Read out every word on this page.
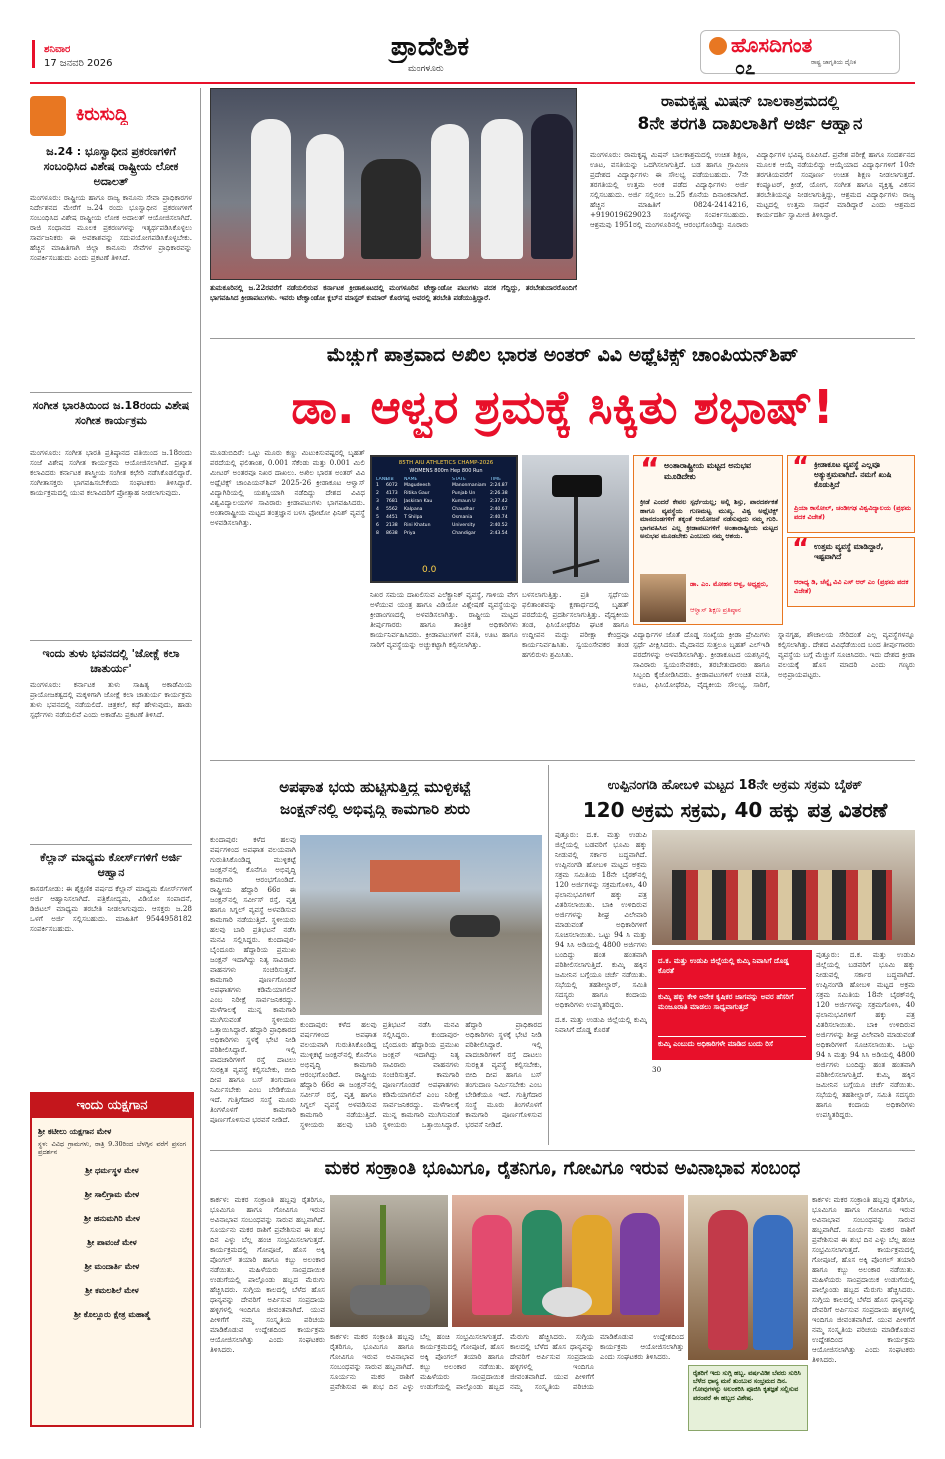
ಶನಿವಾರ
17 ಜನವರಿ 2026
ಪ್ರಾದೇಶಿಕ
ಮಂಗಳೂರು
ಹೊಸದಿಗಂತ
ರಾಷ್ಟ್ರ ಜಾಗೃತಿಯ ದೈನಿಕ
೦೭
ಕಿರುಸುದ್ದಿ
ಜ.24 : ಭೂಸ್ವಾಧೀನ ಪ್ರಕರಣಗಳಿಗೆ ಸಂಬಂಧಿಸಿದ ವಿಶೇಷ ರಾಷ್ಟ್ರೀಯ ಲೋಕ ಅದಾಲತ್
ಮಂಗಳೂರು: ರಾಷ್ಟ್ರೀಯ ಹಾಗೂ ರಾಜ್ಯ ಕಾನೂನು ಸೇವಾ ಪ್ರಾಧಿಕಾರಗಳ ನಿರ್ದೇಶನದ ಮೇರೆಗೆ ಜ.24 ರಂದು ಭೂಸ್ವಾಧೀನ ಪ್ರಕರಣಗಳಿಗೆ ಸಂಬಂಧಿಸಿದ ವಿಶೇಷ ರಾಷ್ಟ್ರೀಯ ಲೋಕ ಅದಾಲತ್ ಆಯೋಜಿಸಲಾಗಿದೆ. ರಾಜಿ ಸಂಧಾನದ ಮೂಲಕ ಪ್ರಕರಣಗಳನ್ನು ಇತ್ಯರ್ಥಪಡಿಸಿಕೊಳ್ಳಲು ಸಾರ್ವಜನಿಕರು ಈ ಅವಕಾಶವನ್ನು ಸದುಪಯೋಗಪಡಿಸಿಕೊಳ್ಳಬೇಕು. ಹೆಚ್ಚಿನ ಮಾಹಿತಿಗಾಗಿ ಜಿಲ್ಲಾ ಕಾನೂನು ಸೇವೆಗಳ ಪ್ರಾಧಿಕಾರವನ್ನು ಸಂಪರ್ಕಿಸಬಹುದು ಎಂದು ಪ್ರಕಟಣೆ ತಿಳಿಸಿದೆ.
ಸಂಗೀತ ಭಾರತಿಯಿಂದ ಜ.18ರಂದು ವಿಶೇಷ ಸಂಗೀತ ಕಾರ್ಯಕ್ರಮ
ಮಂಗಳೂರು: ಸಂಗೀತ ಭಾರತಿ ಪ್ರತಿಷ್ಠಾನದ ವತಿಯಿಂದ ಜ.18ರಂದು ಸಂಜೆ ವಿಶೇಷ ಸಂಗೀತ ಕಾರ್ಯಕ್ರಮ ಆಯೋಜಿಸಲಾಗಿದೆ. ಪ್ರಖ್ಯಾತ ಕಲಾವಿದರು ಕರ್ನಾಟಕ ಶಾಸ್ತ್ರೀಯ ಸಂಗೀತ ಕಛೇರಿ ನಡೆಸಿಕೊಡಲಿದ್ದಾರೆ. ಸಂಗೀತಾಸಕ್ತರು ಭಾಗವಹಿಸಬೇಕೆಂದು ಸಂಘಟಕರು ತಿಳಿಸಿದ್ದಾರೆ. ಕಾರ್ಯಕ್ರಮದಲ್ಲಿ ಯುವ ಕಲಾವಿದರಿಗೆ ಪ್ರೋತ್ಸಾಹ ನೀಡಲಾಗುವುದು.
ಇಂದು ತುಳು ಭವನದಲ್ಲಿ 'ಜೋಕ್ಲೆ ಕಲಾ ಚಾತುರ್ಯ'
ಮಂಗಳೂರು: ಕರ್ನಾಟಕ ತುಳು ಸಾಹಿತ್ಯ ಅಕಾಡೆಮಿಯ ಪ್ರಾಯೋಜಕತ್ವದಲ್ಲಿ ಮಕ್ಕಳಿಗಾಗಿ ಜೋಕ್ಲೆ ಕಲಾ ಚಾತುರ್ಯ ಕಾರ್ಯಕ್ರಮ ತುಳು ಭವನದಲ್ಲಿ ನಡೆಯಲಿದೆ. ಚಿತ್ರಕಲೆ, ಕಥೆ ಹೇಳುವುದು, ಹಾಡು ಸ್ಪರ್ಧೆಗಳು ನಡೆಯಲಿವೆ ಎಂದು ಅಕಾಡೆಮಿ ಪ್ರಕಟಣೆ ತಿಳಿಸಿದೆ.
ಕೆಲ್ಲಾನ್ ಮಾಧ್ಯಮ ಕೋರ್ಸ್‌ಗಳಿಗೆ ಅರ್ಜಿ ಆಹ್ವಾನ
ಕಾಸರಗೋಡು: ಈ ಶೈಕ್ಷಣಿಕ ವರ್ಷದ ಕೆಲ್ಲಾನ್ ಮಾಧ್ಯಮ ಕೋರ್ಸ್‌ಗಳಿಗೆ ಅರ್ಜಿ ಆಹ್ವಾನಿಸಲಾಗಿದೆ. ಪತ್ರಿಕೋದ್ಯಮ, ವಿಡಿಯೋ ಸಂಪಾದನೆ, ಡಿಜಿಟಲ್ ಮಾಧ್ಯಮ ತರಬೇತಿ ನೀಡಲಾಗುವುದು. ಆಸಕ್ತರು ಜ.28 ಒಳಗೆ ಅರ್ಜಿ ಸಲ್ಲಿಸಬಹುದು. ಮಾಹಿತಿಗೆ 9544958182 ಸಂಪರ್ಕಿಸಬಹುದು.
ಇಂದು ಯಕ್ಷಗಾನ
ಶ್ರೀ ಕಟೀಲು ಯಕ್ಷಗಾನ ಮೇಳ
ಸ್ಥಳ: ವಿವಿಧ ಗ್ರಾಮಗಳು, ರಾತ್ರಿ 9.30ರಿಂದ ಬೆಳಗ್ಗಿನ ವರೆಗೆ ಪ್ರಸಂಗ ಪ್ರದರ್ಶನ
ಶ್ರೀ ಧರ್ಮಸ್ಥಳ ಮೇಳ
ಶ್ರೀ ಸಾಲಿಗ್ರಾಮ ಮೇಳ
ಶ್ರೀ ಹನುಮಗಿರಿ ಮೇಳ
ಶ್ರೀ ಪಾವಂಜೆ ಮೇಳ
ಶ್ರೀ ಮಂದಾರ್ತಿ ಮೇಳ
ಶ್ರೀ ಕಮಲಶಿಲೆ ಮೇಳ
ಶ್ರೀ ಕೊಲ್ಲೂರು ಕ್ಷೇತ್ರ ಮಹಾತ್ಮೆ
ತುಮಕೂರಿನಲ್ಲಿ ಜ.22ರವರೆಗೆ ನಡೆಯಲಿರುವ ಕರ್ನಾಟಕ ಕ್ರೀಡಾಕೂಟದಲ್ಲಿ ಮಂಗಳೂರಿನ ಟೇಕ್ವಾಂಡೋ ಪಟುಗಳು ಪದಕ ಗೆದ್ದಿದ್ದು, ತರಬೇತುದಾರರೊಂದಿಗೆ ಭಾಗವಹಿಸಿದ ಕ್ರೀಡಾಪಟುಗಳು. ಇವರು ಟೇಕ್ವಾಂಡೋ ಕ್ಲಬ್‌ನ ಮಾಸ್ಟರ್ ಕುಮಾರ್ ಕೊರಗಪ್ಪ ಅವರಲ್ಲಿ ತರಬೇತಿ ಪಡೆಯುತ್ತಿದ್ದಾರೆ.
ರಾಮಕೃಷ್ಣ ಮಿಷನ್ ಬಾಲಕಾಶ್ರಮದಲ್ಲಿ
8ನೇ ತರಗತಿ ದಾಖಲಾತಿಗೆ ಅರ್ಜಿ ಆಹ್ವಾನ
ಮಂಗಳೂರು: ರಾಮಕೃಷ್ಣ ಮಿಷನ್ ಬಾಲಕಾಶ್ರಮದಲ್ಲಿ ಉಚಿತ ಶಿಕ್ಷಣ, ಊಟ, ವಸತಿಯನ್ನು ಒದಗಿಸಲಾಗುತ್ತಿದೆ. ಬಡ ಹಾಗೂ ಗ್ರಾಮೀಣ ಪ್ರದೇಶದ ವಿದ್ಯಾರ್ಥಿಗಳು ಈ ಸೌಲಭ್ಯ ಪಡೆಯಬಹುದು. 7ನೇ ತರಗತಿಯಲ್ಲಿ ಉತ್ತಮ ಅಂಕ ಪಡೆದ ವಿದ್ಯಾರ್ಥಿಗಳು ಅರ್ಜಿ ಸಲ್ಲಿಸಬಹುದು. ಅರ್ಜಿ ಸಲ್ಲಿಸಲು ಜ.25 ಕೊನೆಯ ದಿನಾಂಕವಾಗಿದೆ. ಹೆಚ್ಚಿನ ಮಾಹಿತಿಗೆ 0824-2414216, +919019629023 ಸಂಖ್ಯೆಗಳನ್ನು ಸಂಪರ್ಕಿಸಬಹುದು. ಆಶ್ರಮವು 1951ರಲ್ಲಿ ಮಂಗಳೂರಿನಲ್ಲಿ ಆರಂಭಗೊಂಡಿದ್ದು ನೂರಾರು ವಿದ್ಯಾರ್ಥಿಗಳ ಭವಿಷ್ಯ ರೂಪಿಸಿದೆ. ಪ್ರವೇಶ ಪರೀಕ್ಷೆ ಹಾಗೂ ಸಂದರ್ಶನದ ಮೂಲಕ ಆಯ್ಕೆ ನಡೆಯಲಿದ್ದು ಆಯ್ಕೆಯಾದ ವಿದ್ಯಾರ್ಥಿಗಳಿಗೆ 10ನೇ ತರಗತಿಯವರೆಗೆ ಸಂಪೂರ್ಣ ಉಚಿತ ಶಿಕ್ಷಣ ನೀಡಲಾಗುತ್ತದೆ. ಕಂಪ್ಯೂಟರ್, ಕ್ರೀಡೆ, ಯೋಗ, ಸಂಗೀತ ಹಾಗೂ ವ್ಯಕ್ತಿತ್ವ ವಿಕಸನ ತರಬೇತಿಯನ್ನೂ ನೀಡಲಾಗುತ್ತಿದ್ದು, ಆಶ್ರಮದ ವಿದ್ಯಾರ್ಥಿಗಳು ರಾಜ್ಯ ಮಟ್ಟದಲ್ಲಿ ಉತ್ತಮ ಸಾಧನೆ ಮಾಡಿದ್ದಾರೆ ಎಂದು ಆಶ್ರಮದ ಕಾರ್ಯದರ್ಶಿ ಸ್ವಾಮೀಜಿ ತಿಳಿಸಿದ್ದಾರೆ.
ಮೆಚ್ಚುಗೆ ಪಾತ್ರವಾದ ಅಖಿಲ ಭಾರತ ಅಂತರ್ ವಿವಿ ಅಥ್ಲೆಟಿಕ್ಸ್ ಚಾಂಪಿಯನ್‌ಶಿಪ್
ಡಾ. ಆಳ್ವರ ಶ್ರಮಕ್ಕೆ ಸಿಕ್ಕಿತು ಶಭಾಷ್!
ಮೂಡುಬಿದಿರೆ: ಒಟ್ಟು ಮೂರು ಕಣ್ಣು ಮಿಟುಕಿಸುವಷ್ಟರಲ್ಲಿ ಬೃಹತ್ ಪರದೆಯಲ್ಲಿ ಫಲಿತಾಂಶ, 0.001 ಸೆಕೆಂಡು ಮತ್ತು 0.001 ಮಿಲಿ ಮೀಟರ್ ಅಂತರವೂ ನಿಖರ ದಾಖಲು. ಅಖಿಲ ಭಾರತ ಅಂತರ್ ವಿವಿ ಅಥ್ಲೆಟಿಕ್ಸ್ ಚಾಂಪಿಯನ್‌ಶಿಪ್ 2025-26 ಕ್ರೀಡಾಕೂಟ ಆಳ್ವಾಸ್ ವಿದ್ಯಾಗಿರಿಯಲ್ಲಿ ಯಶಸ್ವಿಯಾಗಿ ನಡೆದಿದ್ದು ದೇಶದ ವಿವಿಧ ವಿಶ್ವವಿದ್ಯಾಲಯಗಳ ಸಾವಿರಾರು ಕ್ರೀಡಾಪಟುಗಳು ಭಾಗವಹಿಸಿದರು. ಅಂತಾರಾಷ್ಟ್ರೀಯ ಮಟ್ಟದ ತಂತ್ರಜ್ಞಾನ ಬಳಸಿ ಫೋಟೋ ಫಿನಿಶ್ ವ್ಯವಸ್ಥೆ ಅಳವಡಿಸಲಾಗಿತ್ತು.
85TH AIU ATHLETICS CHAMP-2026
WOMENS 800m Hep 800 Run
LANE
BIB	NAME	STATE	TIME
1	6072	Magudeesh	Manonmaniam 2:24.87
2	4173	Ritika Gaur	Punjab Un	2:26.38
3	7681	Jaskiran Kau	Kumaun U	2:37.42
4	5562	Kalpana	Chaudhar	2:40.67
5	4451	T Shilpa	Osmania	2:40.74
6	2138	Rini Khatun	University	2:40.52
8	8638	Priya	Chandigar	2:43.54
0.0
ನಿಖರ ಸಮಯ ದಾಖಲಿಸುವ ಎಲೆಕ್ಟ್ರಾನಿಕ್ ವ್ಯವಸ್ಥೆ, ಗಾಳಿಯ ವೇಗ ಅಳೆಯುವ ಯಂತ್ರ ಹಾಗೂ ವಿಡಿಯೋ ವಿಶ್ಲೇಷಣೆ ವ್ಯವಸ್ಥೆಯನ್ನು ಕ್ರೀಡಾಂಗಣದಲ್ಲಿ ಅಳವಡಿಸಲಾಗಿತ್ತು. ರಾಷ್ಟ್ರೀಯ ಮಟ್ಟದ ತೀರ್ಪುಗಾರರು ಹಾಗೂ ತಾಂತ್ರಿಕ ಅಧಿಕಾರಿಗಳು ಕಾರ್ಯನಿರ್ವಹಿಸಿದರು. ಕ್ರೀಡಾಪಟುಗಳಿಗೆ ವಸತಿ, ಊಟ ಹಾಗೂ ಸಾರಿಗೆ ವ್ಯವಸ್ಥೆಯನ್ನು ಅಚ್ಚುಕಟ್ಟಾಗಿ ಕಲ್ಪಿಸಲಾಗಿತ್ತು.
ಬಳಸಲಾಗುತ್ತಿತ್ತು. ಪ್ರತಿ ಸ್ಪರ್ಧೆಯ ಫಲಿತಾಂಶವನ್ನು ಕ್ಷಣಾರ್ಧದಲ್ಲಿ ಬೃಹತ್ ಪರದೆಯಲ್ಲಿ ಪ್ರದರ್ಶಿಸಲಾಗುತ್ತಿತ್ತು. ವೈದ್ಯಕೀಯ ತಂಡ, ಫಿಸಿಯೋಥೆರಪಿ ಘಟಕ ಹಾಗೂ ಉದ್ದೀಪನ ಮದ್ದು ಪರೀಕ್ಷಾ ಕೇಂದ್ರವೂ ಕಾರ್ಯನಿರ್ವಹಿಸಿತು. ಸ್ವಯಂಸೇವಕರ ತಂಡ ಹಗಲಿರುಳು ಶ್ರಮಿಸಿತು.
“ ಅಂತಾರಾಷ್ಟ್ರೀಯ ಮಟ್ಟದ ಅನುಭವ ಮೂಡಿದೇಕು
ಕ್ರೀಡೆ ಎಂದರೆ ಕೇವಲ ಸ್ಪರ್ಧೆಯಲ್ಲ; ಅಲ್ಲಿ ಶಿಸ್ತು, ಪಾರದರ್ಶಕತೆ ಹಾಗೂ ವ್ಯವಸ್ಥೆಯ ಗುಣಮಟ್ಟ ಮುಖ್ಯ. ವಿಶ್ವ ಅಥ್ಲೆಟಿಕ್ಸ್ ಮಾನದಂಡಗಳಿಗೆ ತಕ್ಕಂತೆ ಆಯೋಜನೆ ನಡೆಸುವುದು ನಮ್ಮ ಗುರಿ. ಭಾಗವಹಿಸಿದ ಎಲ್ಲ ಕ್ರೀಡಾಪಟುಗಳಿಗೆ ಅಂತಾರಾಷ್ಟ್ರೀಯ ಮಟ್ಟದ ಅನುಭವ ಮೂಡಬೇಕು ಎಂಬುದು ನಮ್ಮ ಆಶಯ.
ಡಾ. ಎಂ. ಮೋಹನ ಆಳ್ವ, ಅಧ್ಯಕ್ಷರು,
ಆಳ್ವಾಸ್ ಶಿಕ್ಷಣ ಪ್ರತಿಷ್ಠಾನ
“ ಕ್ರೀಡಾಕೂಟ ವ್ಯವಸ್ಥೆ ಎಲ್ಲವೂ ಅತ್ಯುತ್ತಮವಾಗಿದೆ. ನಮಗೆ ಖುಷಿ ಕೊಡುತ್ತಿದೆ
ಪ್ರಿಯಾ ಕಾಸೋಲ್, ಚಂಡೀಗಢ ವಿಶ್ವವಿದ್ಯಾಲಯ (ಪ್ರಥಮ ಪದಕ ವಿಜೇತೆ)
“ ಉತ್ತಮ ವ್ಯವಸ್ಥೆ ಮಾಡಿದ್ದಾರೆ, ಇಷ್ಟವಾಗಿದೆ
ಆರಾಧ್ಯ ಡಿ, ಚೆನ್ನೈ ವಿವಿ ಎಸ್ ಆರ್ ಎಂ (ಪ್ರಥಮ ಪದಕ ವಿಜೇತೆ)
ವಿದ್ಯಾರ್ಥಿಗಳ ಜೊತೆ ದೊಡ್ಡ ಸಂಖ್ಯೆಯ ಕ್ರೀಡಾ ಪ್ರೇಮಿಗಳು ಸ್ಪರ್ಧೆ ವೀಕ್ಷಿಸಿದರು. ಮೈದಾನದ ಸುತ್ತಲೂ ಬೃಹತ್ ಎಲ್‌ಇಡಿ ಪರದೆಗಳನ್ನು ಅಳವಡಿಸಲಾಗಿತ್ತು. ಕ್ರೀಡಾಕೂಟದ ಯಶಸ್ಸಿನಲ್ಲಿ ಸಾವಿರಾರು ಸ್ವಯಂಸೇವಕರು, ತರಬೇತುದಾರರು ಹಾಗೂ ಸಿಬ್ಬಂದಿ ಕೈಜೋಡಿಸಿದರು. ಕ್ರೀಡಾಪಟುಗಳಿಗೆ ಉಚಿತ ವಸತಿ, ಊಟ, ಫಿಸಿಯೋಥೆರಪಿ, ವೈದ್ಯಕೀಯ ಸೌಲಭ್ಯ, ಸಾರಿಗೆ, ಸ್ನಾನಗೃಹ, ಶೌಚಾಲಯ ಸೇರಿದಂತೆ ಎಲ್ಲ ವ್ಯವಸ್ಥೆಗಳನ್ನೂ ಕಲ್ಪಿಸಲಾಗಿತ್ತು. ದೇಶದ ವಿವಿಧೆಡೆಯಿಂದ ಬಂದ ತೀರ್ಪುಗಾರರು ವ್ಯವಸ್ಥೆಯ ಬಗ್ಗೆ ಮೆಚ್ಚುಗೆ ಸೂಚಿಸಿದರು. ಇದು ದೇಶದ ಕ್ರೀಡಾ ವಲಯಕ್ಕೆ ಹೊಸ ಮಾದರಿ ಎಂದು ಗಣ್ಯರು ಅಭಿಪ್ರಾಯಪಟ್ಟರು.
ಅಪಘಾತ ಭಯ ಹುಟ್ಟಿಸುತ್ತಿದ್ದ ಮುಳ್ಳಿಕಟ್ಟೆ
ಜಂಕ್ಷನ್‌ನಲ್ಲಿ ಅಭಿವೃದ್ಧಿ ಕಾಮಗಾರಿ ಶುರು
ಕುಂದಾಪುರ: ಕಳೆದ ಹಲವು ವರ್ಷಗಳಿಂದ ಅಪಘಾತ ವಲಯವಾಗಿ ಗುರುತಿಸಿಕೊಂಡಿದ್ದ ಮುಳ್ಳಿಕಟ್ಟೆ ಜಂಕ್ಷನ್‌ನಲ್ಲಿ ಕೊನೆಗೂ ಅಭಿವೃದ್ಧಿ ಕಾಮಗಾರಿ ಆರಂಭಗೊಂಡಿದೆ. ರಾಷ್ಟ್ರೀಯ ಹೆದ್ದಾರಿ 66ರ ಈ ಜಂಕ್ಷನ್‌ನಲ್ಲಿ ಸರ್ವೀಸ್ ರಸ್ತೆ, ವೃತ್ತ ಹಾಗೂ ಸಿಗ್ನಲ್ ವ್ಯವಸ್ಥೆ ಅಳವಡಿಸುವ ಕಾಮಗಾರಿ ನಡೆಯುತ್ತಿದೆ. ಸ್ಥಳೀಯರು ಹಲವು ಬಾರಿ ಪ್ರತಿಭಟನೆ ನಡೆಸಿ ಮನವಿ ಸಲ್ಲಿಸಿದ್ದರು. ಕುಂದಾಪುರ-ಬೈಂದೂರು ಹೆದ್ದಾರಿಯ ಪ್ರಮುಖ ಜಂಕ್ಷನ್ ಇದಾಗಿದ್ದು ನಿತ್ಯ ಸಾವಿರಾರು ವಾಹನಗಳು ಸಂಚರಿಸುತ್ತವೆ. ಕಾಮಗಾರಿ ಪೂರ್ಣಗೊಂಡರೆ ಅಪಘಾತಗಳು ಕಡಿಮೆಯಾಗಲಿವೆ ಎಂಬ ನಿರೀಕ್ಷೆ ಸಾರ್ವಜನಿಕರದ್ದು. ಮಳೆಗಾಲಕ್ಕೆ ಮುನ್ನ ಕಾಮಗಾರಿ ಮುಗಿಸುವಂತೆ ಸ್ಥಳೀಯರು ಒತ್ತಾಯಿಸಿದ್ದಾರೆ. ಹೆದ್ದಾರಿ ಪ್ರಾಧಿಕಾರದ ಅಧಿಕಾರಿಗಳು ಸ್ಥಳಕ್ಕೆ ಭೇಟಿ ನೀಡಿ ಪರಿಶೀಲಿಸಿದ್ದಾರೆ. ಇಲ್ಲಿ ಪಾದಚಾರಿಗಳಿಗೆ ರಸ್ತೆ ದಾಟಲು ಸುರಕ್ಷಿತ ವ್ಯವಸ್ಥೆ ಕಲ್ಪಿಸಬೇಕು, ಬೀದಿ ದೀಪ ಹಾಗೂ ಬಸ್ ತಂಗುದಾಣ ನಿರ್ಮಿಸಬೇಕು ಎಂಬ ಬೇಡಿಕೆಯೂ ಇದೆ. ಗುತ್ತಿಗೆದಾರ ಸಂಸ್ಥೆ ಮೂರು ತಿಂಗಳೊಳಗೆ ಕಾಮಗಾರಿ ಪೂರ್ಣಗೊಳಿಸುವ ಭರವಸೆ ನೀಡಿದೆ.
ಕುಂದಾಪುರ: ಕಳೆದ ಹಲವು ವರ್ಷಗಳಿಂದ ಅಪಘಾತ ವಲಯವಾಗಿ ಗುರುತಿಸಿಕೊಂಡಿದ್ದ ಮುಳ್ಳಿಕಟ್ಟೆ ಜಂಕ್ಷನ್‌ನಲ್ಲಿ ಕೊನೆಗೂ ಅಭಿವೃದ್ಧಿ ಕಾಮಗಾರಿ ಆರಂಭಗೊಂಡಿದೆ. ರಾಷ್ಟ್ರೀಯ ಹೆದ್ದಾರಿ 66ರ ಈ ಜಂಕ್ಷನ್‌ನಲ್ಲಿ ಸರ್ವೀಸ್ ರಸ್ತೆ, ವೃತ್ತ ಹಾಗೂ ಸಿಗ್ನಲ್ ವ್ಯವಸ್ಥೆ ಅಳವಡಿಸುವ ಕಾಮಗಾರಿ ನಡೆಯುತ್ತಿದೆ. ಸ್ಥಳೀಯರು ಹಲವು ಬಾರಿ ಪ್ರತಿಭಟನೆ ನಡೆಸಿ ಮನವಿ ಸಲ್ಲಿಸಿದ್ದರು. ಕುಂದಾಪುರ-ಬೈಂದೂರು ಹೆದ್ದಾರಿಯ ಪ್ರಮುಖ ಜಂಕ್ಷನ್ ಇದಾಗಿದ್ದು ನಿತ್ಯ ಸಾವಿರಾರು ವಾಹನಗಳು ಸಂಚರಿಸುತ್ತವೆ. ಕಾಮಗಾರಿ ಪೂರ್ಣಗೊಂಡರೆ ಅಪಘಾತಗಳು ಕಡಿಮೆಯಾಗಲಿವೆ ಎಂಬ ನಿರೀಕ್ಷೆ ಸಾರ್ವಜನಿಕರದ್ದು. ಮಳೆಗಾಲಕ್ಕೆ ಮುನ್ನ ಕಾಮಗಾರಿ ಮುಗಿಸುವಂತೆ ಸ್ಥಳೀಯರು ಒತ್ತಾಯಿಸಿದ್ದಾರೆ. ಹೆದ್ದಾರಿ ಪ್ರಾಧಿಕಾರದ ಅಧಿಕಾರಿಗಳು ಸ್ಥಳಕ್ಕೆ ಭೇಟಿ ನೀಡಿ ಪರಿಶೀಲಿಸಿದ್ದಾರೆ. ಇಲ್ಲಿ ಪಾದಚಾರಿಗಳಿಗೆ ರಸ್ತೆ ದಾಟಲು ಸುರಕ್ಷಿತ ವ್ಯವಸ್ಥೆ ಕಲ್ಪಿಸಬೇಕು, ಬೀದಿ ದೀಪ ಹಾಗೂ ಬಸ್ ತಂಗುದಾಣ ನಿರ್ಮಿಸಬೇಕು ಎಂಬ ಬೇಡಿಕೆಯೂ ಇದೆ. ಗುತ್ತಿಗೆದಾರ ಸಂಸ್ಥೆ ಮೂರು ತಿಂಗಳೊಳಗೆ ಕಾಮಗಾರಿ ಪೂರ್ಣಗೊಳಿಸುವ ಭರವಸೆ ನೀಡಿದೆ.
ಉಪ್ಪಿನಂಗಡಿ ಹೋಬಳಿ ಮಟ್ಟದ 18ನೇ ಅಕ್ರಮ ಸಕ್ರಮ ಬೈಠಕ್
120 ಅಕ್ರಮ ಸಕ್ರಮ, 40 ಹಕ್ಕು ಪತ್ರ ವಿತರಣೆ
ಪುತ್ತೂರು: ದ.ಕ. ಮತ್ತು ಉಡುಪಿ ಜಿಲ್ಲೆಯಲ್ಲಿ ಬಡವರಿಗೆ ಭೂಮಿ ಹಕ್ಕು ನೀಡುವಲ್ಲಿ ಸರ್ಕಾರ ಬದ್ಧವಾಗಿದೆ. ಉಪ್ಪಿನಂಗಡಿ ಹೋಬಳಿ ಮಟ್ಟದ ಅಕ್ರಮ ಸಕ್ರಮ ಸಮಿತಿಯ 18ನೇ ಬೈಠಕ್‌ನಲ್ಲಿ 120 ಅರ್ಜಿಗಳನ್ನು ಸಕ್ರಮಗೊಳಿಸಿ, 40 ಫಲಾನುಭವಿಗಳಿಗೆ ಹಕ್ಕು ಪತ್ರ ವಿತರಿಸಲಾಯಿತು. ಬಾಕಿ ಉಳಿದಿರುವ ಅರ್ಜಿಗಳನ್ನು ಶೀಘ್ರ ವಿಲೇವಾರಿ ಮಾಡುವಂತೆ ಅಧಿಕಾರಿಗಳಿಗೆ ಸೂಚಿಸಲಾಯಿತು. ಒಟ್ಟು 94 ಸಿ ಮತ್ತು 94 ಸಿಸಿ ಅಡಿಯಲ್ಲಿ 4800 ಅರ್ಜಿಗಳು ಬಂದಿದ್ದು ಹಂತ ಹಂತವಾಗಿ ಪರಿಶೀಲಿಸಲಾಗುತ್ತಿದೆ. ಕುಮ್ಕಿ ಹಕ್ಕಿನ ಜಮೀನಿನ ಬಗ್ಗೆಯೂ ಚರ್ಚೆ ನಡೆಯಿತು. ಸಭೆಯಲ್ಲಿ ತಹಶೀಲ್ದಾರ್, ಸಮಿತಿ ಸದಸ್ಯರು ಹಾಗೂ ಕಂದಾಯ ಅಧಿಕಾರಿಗಳು ಉಪಸ್ಥಿತರಿದ್ದರು.
ದ.ಕ. ಮತ್ತು ಉಡುಪಿ ಜಿಲ್ಲೆಯಲ್ಲಿ ಕುಮ್ಕಿ ನಿವಾಸಿಗೆ ದೊಡ್ಡ ಕೊರತೆ
ಕುಮ್ಕಿ ಹಕ್ಕು ಕೇಳಿ ಅನೇಕ ಕೃಷಿಕರ ಜಾಗವನ್ನು ಅವರ ಹೆಸರಿಗೆ ಮಂಜೂರಾತಿ ಮಾಡಲು ಸಾಧ್ಯವಾಗುತ್ತದೆ
ಕುಮ್ಕಿ ಎಂಬುದು ಅಧಿಕಾರಿಗಳೇ ಮಾಡಿದ ಬಂದು ರಿಸೆ
ಪುತ್ತೂರು: ದ.ಕ. ಮತ್ತು ಉಡುಪಿ ಜಿಲ್ಲೆಯಲ್ಲಿ ಬಡವರಿಗೆ ಭೂಮಿ ಹಕ್ಕು ನೀಡುವಲ್ಲಿ ಸರ್ಕಾರ ಬದ್ಧವಾಗಿದೆ. ಉಪ್ಪಿನಂಗಡಿ ಹೋಬಳಿ ಮಟ್ಟದ ಅಕ್ರಮ ಸಕ್ರಮ ಸಮಿತಿಯ 18ನೇ ಬೈಠಕ್‌ನಲ್ಲಿ 120 ಅರ್ಜಿಗಳನ್ನು ಸಕ್ರಮಗೊಳಿಸಿ, 40 ಫಲಾನುಭವಿಗಳಿಗೆ ಹಕ್ಕು ಪತ್ರ ವಿತರಿಸಲಾಯಿತು. ಬಾಕಿ ಉಳಿದಿರುವ ಅರ್ಜಿಗಳನ್ನು ಶೀಘ್ರ ವಿಲೇವಾರಿ ಮಾಡುವಂತೆ ಅಧಿಕಾರಿಗಳಿಗೆ ಸೂಚಿಸಲಾಯಿತು. ಒಟ್ಟು 94 ಸಿ ಮತ್ತು 94 ಸಿಸಿ ಅಡಿಯಲ್ಲಿ 4800 ಅರ್ಜಿಗಳು ಬಂದಿದ್ದು ಹಂತ ಹಂತವಾಗಿ ಪರಿಶೀಲಿಸಲಾಗುತ್ತಿದೆ. ಕುಮ್ಕಿ ಹಕ್ಕಿನ ಜಮೀನಿನ ಬಗ್ಗೆಯೂ ಚರ್ಚೆ ನಡೆಯಿತು. ಸಭೆಯಲ್ಲಿ ತಹಶೀಲ್ದಾರ್, ಸಮಿತಿ ಸದಸ್ಯರು ಹಾಗೂ ಕಂದಾಯ ಅಧಿಕಾರಿಗಳು ಉಪಸ್ಥಿತರಿದ್ದರು.
ದ.ಕ. ಮತ್ತು ಉಡುಪಿ ಜಿಲ್ಲೆಯಲ್ಲಿ ಕುಮ್ಕಿ ನಿವಾಸಿಗೆ ದೊಡ್ಡ ಕೊರತೆ
30
ಮಕರ ಸಂಕ್ರಾಂತಿ ಭೂಮಿಗೂ, ರೈತನಿಗೂ, ಗೋವಿಗೂ ಇರುವ ಅವಿನಾಭಾವ ಸಂಬಂಧ
ಕಾರ್ಕಳ: ಮಕರ ಸಂಕ್ರಾಂತಿ ಹಬ್ಬವು ರೈತರಿಗೂ, ಭೂಮಿಗೂ ಹಾಗೂ ಗೋವಿಗೂ ಇರುವ ಅವಿನಾಭಾವ ಸಂಬಂಧವನ್ನು ಸಾರುವ ಹಬ್ಬವಾಗಿದೆ. ಸೂರ್ಯನು ಮಕರ ರಾಶಿಗೆ ಪ್ರವೇಶಿಸುವ ಈ ಶುಭ ದಿನ ಎಳ್ಳು ಬೆಲ್ಲ ಹಂಚಿ ಸಂಭ್ರಮಿಸಲಾಗುತ್ತದೆ. ಕಾರ್ಯಕ್ರಮದಲ್ಲಿ ಗೋಪೂಜೆ, ಹೊಸ ಅಕ್ಕಿ ಪೊಂಗಲ್ ತಯಾರಿ ಹಾಗೂ ಕಬ್ಬು ಅಲಂಕಾರ ನಡೆಯಿತು. ಮಹಿಳೆಯರು ಸಾಂಪ್ರದಾಯಿಕ ಉಡುಗೆಯಲ್ಲಿ ಪಾಲ್ಗೊಂಡು ಹಬ್ಬದ ಮೆರುಗು ಹೆಚ್ಚಿಸಿದರು. ಸುಗ್ಗಿಯ ಕಾಲದಲ್ಲಿ ಬೆಳೆದ ಹೊಸ ಧಾನ್ಯವನ್ನು ದೇವರಿಗೆ ಅರ್ಪಿಸುವ ಸಂಪ್ರದಾಯ ಹಳ್ಳಿಗಳಲ್ಲಿ ಇಂದಿಗೂ ಜೀವಂತವಾಗಿದೆ. ಯುವ ಪೀಳಿಗೆಗೆ ನಮ್ಮ ಸಂಸ್ಕೃತಿಯ ಪರಿಚಯ ಮಾಡಿಕೊಡುವ ಉದ್ದೇಶದಿಂದ ಕಾರ್ಯಕ್ರಮ ಆಯೋಜಿಸಲಾಗಿತ್ತು ಎಂದು ಸಂಘಟಕರು ತಿಳಿಸಿದರು.
ಕಾರ್ಕಳ: ಮಕರ ಸಂಕ್ರಾಂತಿ ಹಬ್ಬವು ರೈತರಿಗೂ, ಭೂಮಿಗೂ ಹಾಗೂ ಗೋವಿಗೂ ಇರುವ ಅವಿನಾಭಾವ ಸಂಬಂಧವನ್ನು ಸಾರುವ ಹಬ್ಬವಾಗಿದೆ. ಸೂರ್ಯನು ಮಕರ ರಾಶಿಗೆ ಪ್ರವೇಶಿಸುವ ಈ ಶುಭ ದಿನ ಎಳ್ಳು ಬೆಲ್ಲ ಹಂಚಿ ಸಂಭ್ರಮಿಸಲಾಗುತ್ತದೆ. ಕಾರ್ಯಕ್ರಮದಲ್ಲಿ ಗೋಪೂಜೆ, ಹೊಸ ಅಕ್ಕಿ ಪೊಂಗಲ್ ತಯಾರಿ ಹಾಗೂ ಕಬ್ಬು ಅಲಂಕಾರ ನಡೆಯಿತು. ಮಹಿಳೆಯರು ಸಾಂಪ್ರದಾಯಿಕ ಉಡುಗೆಯಲ್ಲಿ ಪಾಲ್ಗೊಂಡು ಹಬ್ಬದ ಮೆರುಗು ಹೆಚ್ಚಿಸಿದರು. ಸುಗ್ಗಿಯ ಕಾಲದಲ್ಲಿ ಬೆಳೆದ ಹೊಸ ಧಾನ್ಯವನ್ನು ದೇವರಿಗೆ ಅರ್ಪಿಸುವ ಸಂಪ್ರದಾಯ ಹಳ್ಳಿಗಳಲ್ಲಿ ಇಂದಿಗೂ ಜೀವಂತವಾಗಿದೆ. ಯುವ ಪೀಳಿಗೆಗೆ ನಮ್ಮ ಸಂಸ್ಕೃತಿಯ ಪರಿಚಯ ಮಾಡಿಕೊಡುವ ಉದ್ದೇಶದಿಂದ ಕಾರ್ಯಕ್ರಮ ಆಯೋಜಿಸಲಾಗಿತ್ತು ಎಂದು ಸಂಘಟಕರು ತಿಳಿಸಿದರು.
ರೈತರಿಗೆ ಇದು ಸುಗ್ಗಿ ಹಬ್ಬ. ವರ್ಷವಿಡೀ ಬೆವರು ಸುರಿಸಿ ಬೆಳೆದ ಧಾನ್ಯ ಮನೆ ತುಂಬುವ ಸಂಭ್ರಮದ ದಿನ. ಗೋವುಗಳನ್ನು ಅಲಂಕರಿಸಿ ಪೂಜಿಸಿ ಕೃತಜ್ಞತೆ ಸಲ್ಲಿಸುವ ಪರಂಪರೆ ಈ ಹಬ್ಬದ ವಿಶೇಷ.
ಕಾರ್ಕಳ: ಮಕರ ಸಂಕ್ರಾಂತಿ ಹಬ್ಬವು ರೈತರಿಗೂ, ಭೂಮಿಗೂ ಹಾಗೂ ಗೋವಿಗೂ ಇರುವ ಅವಿನಾಭಾವ ಸಂಬಂಧವನ್ನು ಸಾರುವ ಹಬ್ಬವಾಗಿದೆ. ಸೂರ್ಯನು ಮಕರ ರಾಶಿಗೆ ಪ್ರವೇಶಿಸುವ ಈ ಶುಭ ದಿನ ಎಳ್ಳು ಬೆಲ್ಲ ಹಂಚಿ ಸಂಭ್ರಮಿಸಲಾಗುತ್ತದೆ. ಕಾರ್ಯಕ್ರಮದಲ್ಲಿ ಗೋಪೂಜೆ, ಹೊಸ ಅಕ್ಕಿ ಪೊಂಗಲ್ ತಯಾರಿ ಹಾಗೂ ಕಬ್ಬು ಅಲಂಕಾರ ನಡೆಯಿತು. ಮಹಿಳೆಯರು ಸಾಂಪ್ರದಾಯಿಕ ಉಡುಗೆಯಲ್ಲಿ ಪಾಲ್ಗೊಂಡು ಹಬ್ಬದ ಮೆರುಗು ಹೆಚ್ಚಿಸಿದರು. ಸುಗ್ಗಿಯ ಕಾಲದಲ್ಲಿ ಬೆಳೆದ ಹೊಸ ಧಾನ್ಯವನ್ನು ದೇವರಿಗೆ ಅರ್ಪಿಸುವ ಸಂಪ್ರದಾಯ ಹಳ್ಳಿಗಳಲ್ಲಿ ಇಂದಿಗೂ ಜೀವಂತವಾಗಿದೆ. ಯುವ ಪೀಳಿಗೆಗೆ ನಮ್ಮ ಸಂಸ್ಕೃತಿಯ ಪರಿಚಯ ಮಾಡಿಕೊಡುವ ಉದ್ದೇಶದಿಂದ ಕಾರ್ಯಕ್ರಮ ಆಯೋಜಿಸಲಾಗಿತ್ತು ಎಂದು ಸಂಘಟಕರು ತಿಳಿಸಿದರು.
